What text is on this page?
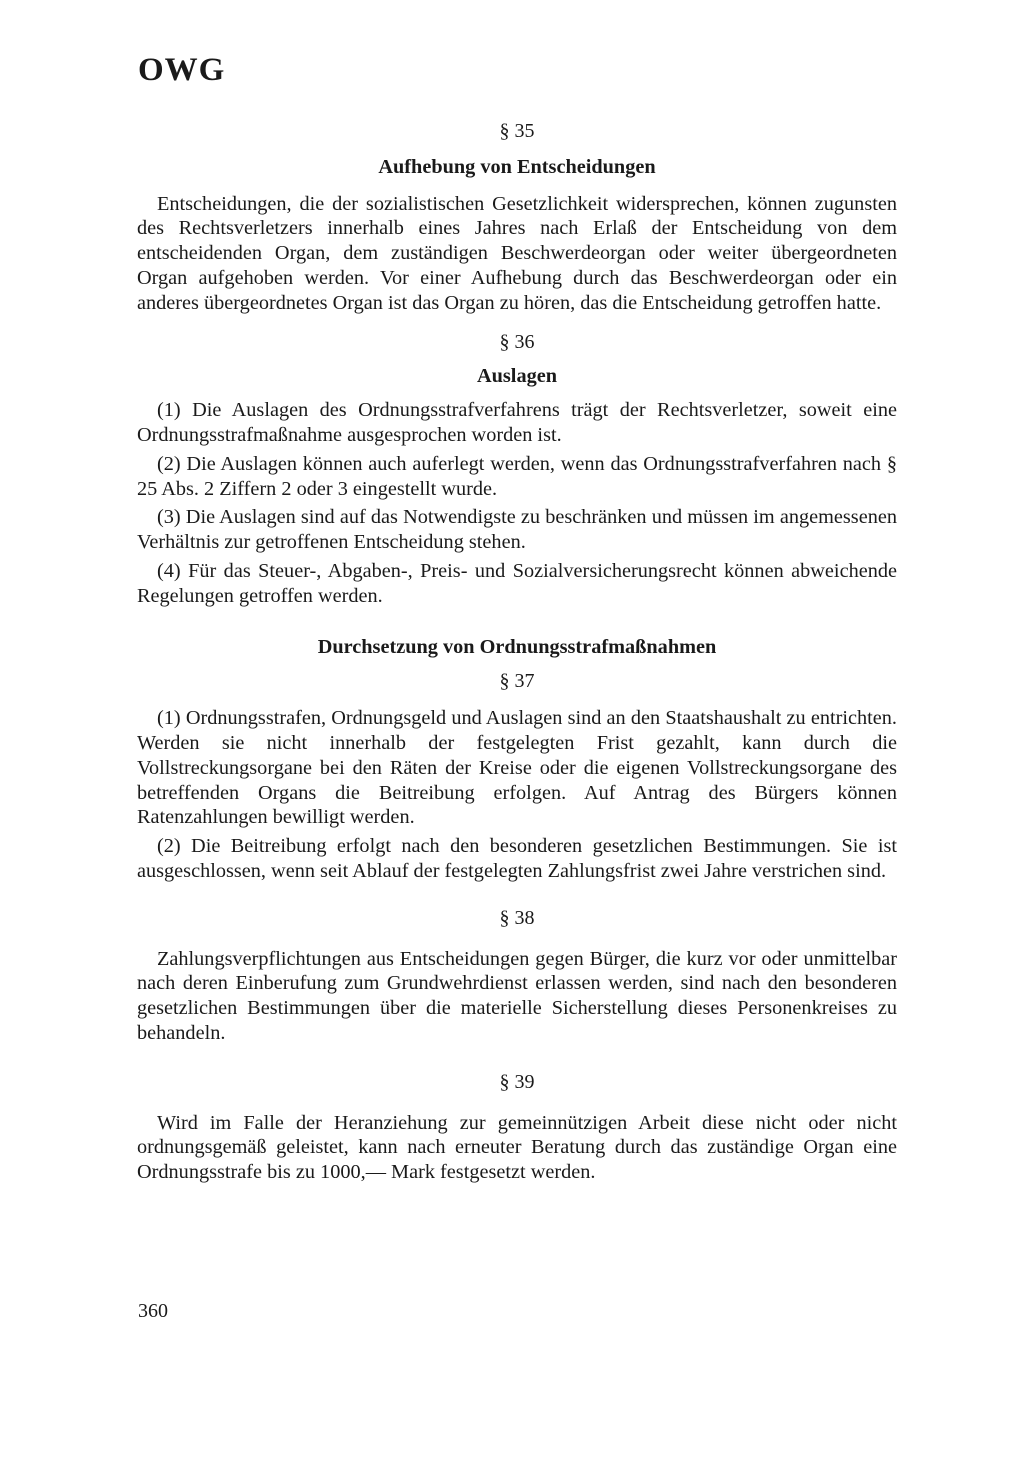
OWG

§ 35

Aufhebung von Entscheidungen

Entscheidungen, die der sozialistischen Gesetzlichkeit widersprechen, können zugunsten des Rechtsverletzers innerhalb eines Jahres nach Erlaß der Entscheidung von dem entscheidenden Organ, dem zuständigen Beschwerdeorgan oder weiter übergeordneten Organ aufgehoben werden. Vor einer Aufhebung durch das Beschwerdeorgan oder ein anderes übergeordnetes Organ ist das Organ zu hören, das die Entscheidung getroffen hatte.

§ 36

Auslagen

(1) Die Auslagen des Ordnungsstrafverfahrens trägt der Rechtsverletzer, soweit eine Ordnungsstrafmaßnahme ausgesprochen worden ist.

(2) Die Auslagen können auch auferlegt werden, wenn das Ordnungsstrafverfahren nach § 25 Abs. 2 Ziffern 2 oder 3 eingestellt wurde.

(3) Die Auslagen sind auf das Notwendigste zu beschränken und müssen im angemessenen Verhältnis zur getroffenen Entscheidung stehen.

(4) Für das Steuer-, Abgaben-, Preis- und Sozialversicherungsrecht können abweichende Regelungen getroffen werden.

Durchsetzung von Ordnungsstrafmaßnahmen

§ 37

(1) Ordnungsstrafen, Ordnungsgeld und Auslagen sind an den Staatshaushalt zu entrichten. Werden sie nicht innerhalb der festgelegten Frist gezahlt, kann durch die Vollstreckungsorgane bei den Räten der Kreise oder die eigenen Vollstreckungsorgane des betreffenden Organs die Beitreibung erfolgen. Auf Antrag des Bürgers können Ratenzahlungen bewilligt werden.

(2) Die Beitreibung erfolgt nach den besonderen gesetzlichen Bestimmungen. Sie ist ausgeschlossen, wenn seit Ablauf der festgelegten Zahlungsfrist zwei Jahre verstrichen sind.

§ 38

Zahlungsverpflichtungen aus Entscheidungen gegen Bürger, die kurz vor oder unmittelbar nach deren Einberufung zum Grundwehrdienst erlassen werden, sind nach den besonderen gesetzlichen Bestimmungen über die materielle Sicherstellung dieses Personenkreises zu behandeln.

§ 39

Wird im Falle der Heranziehung zur gemeinnützigen Arbeit diese nicht oder nicht ordnungsgemäß geleistet, kann nach erneuter Beratung durch das zuständige Organ eine Ordnungsstrafe bis zu 1000,— Mark festgesetzt werden.

360
